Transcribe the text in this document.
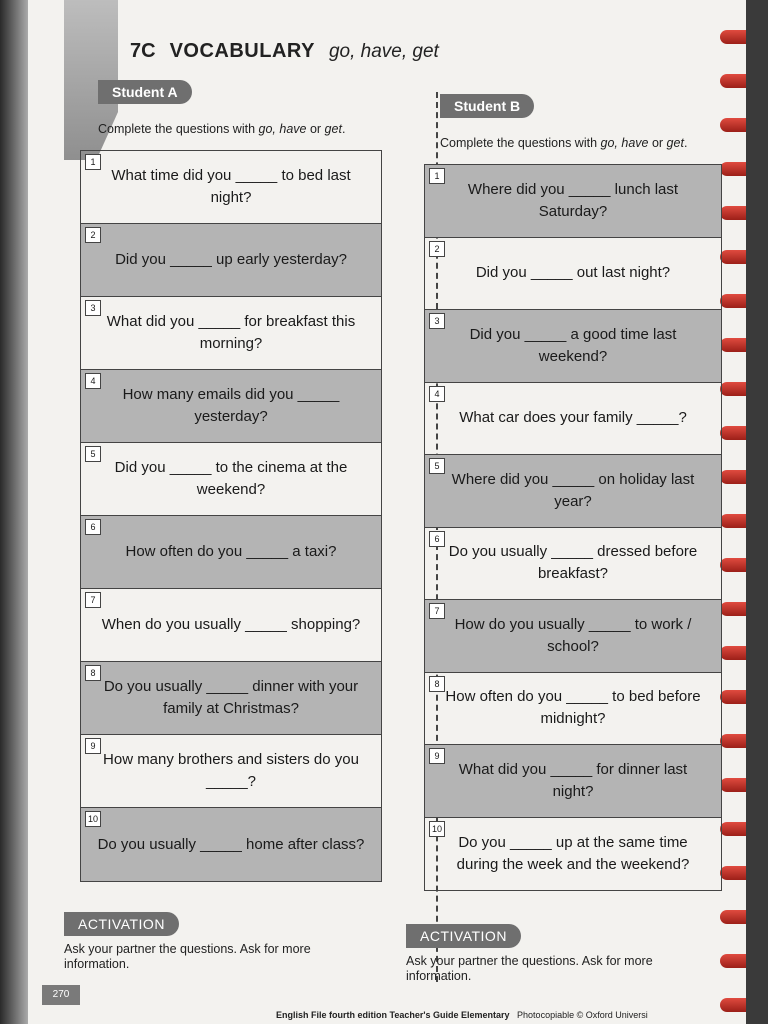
7C VOCABULARY go, have, get
Student A
Complete the questions with go, have or get.
1
What time did you _____ to bed last night?
2
Did you _____ up early yesterday?
3
What did you _____ for breakfast this morning?
4
How many emails did you _____ yesterday?
5
Did you _____ to the cinema at the weekend?
6
How often do you _____ a taxi?
7
When do you usually _____ shopping?
8
Do you usually _____ dinner with your family at Christmas?
9
How many brothers and sisters do you _____?
10
Do you usually _____ home after class?
Student B
Complete the questions with go, have or get.
1
Where did you _____ lunch last Saturday?
2
Did you _____ out last night?
3
Did you _____ a good time last weekend?
4
What car does your family _____?
5
Where did you _____ on holiday last year?
6
Do you usually _____ dressed before breakfast?
7
How do you usually _____ to work / school?
8
How often do you _____ to bed before midnight?
9
What did you _____ for dinner last night?
10
Do you _____ up at the same time during the week and the weekend?
ACTIVATION
Ask your partner the questions. Ask for more information.
ACTIVATION
Ask your partner the questions. Ask for more information.
270
English File fourth edition Teacher's Guide Elementary Photocopiable © Oxford Universi
